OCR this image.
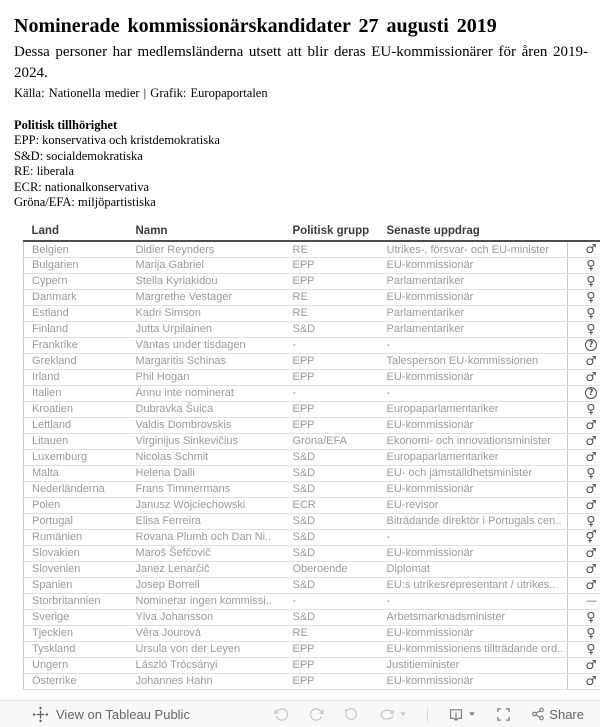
Nominerade kommissionärskandidater 27 augusti 2019

Dessa personer har medlemsländerna utsett att blir deras EU-kommissionärer för åren 2019-2024.

Källa: Nationella medier | Grafik: Europaportalen

Politisk tillhörighet
EPP: konservativa och kristdemokratiska
S&D: socialdemokratiska
RE: liberala
ECR: nationalkonservativa
Gröna/EFA: miljöpartistiska
Land	Namn	Politisk grupp	Senaste uppdrag	
Belgien	Didier Reynders	RE	Utrikes-, försvar- och EU-minister	♂
Bulgarien	Marija Gabriel	EPP	EU-kommissionär	♀
Cypern	Stella Kyriakidou	EPP	Parlamentariker	♀
Danmark	Margrethe Vestager	RE	EU-kommissionär	♀
Estland	Kadri Simson	RE	Parlamentariker	♀
Finland	Jutta Urpilainen	S&D	Parlamentariker	♀
Frankrike	Väntas under tisdagen	-	-	?
Grekland	Margaritis Schinas	EPP	Talesperson EU-kommissionen	♂
Irland	Phil Hogan	EPP	EU-kommissionär	♂
Italien	Ännu inte nominerat	-	-	?
Kroatien	Dubravka Šuica	EPP	Europaparlamentariker	♀
Lettland	Valdis Dombrovskis	EPP	EU-kommissionär	♂
Litauen	Virginijus Sinkevičius	Gröna/EFA	Ekonomi- och innovationsminister	♂
Luxemburg	Nicolas Schmit	S&D	Europaparlamentariker	♂
Malta	Helena Dalli	S&D	EU- och jämställdhetsminister	♀
Nederländerna	Frans Timmermans	S&D	EU-kommissionär	♂
Polen	Janusz Wojciechowski	ECR	EU-revisor	♂
Portugal	Elisa Ferreira	S&D	Biträdande direktör i Portugals cen..	♀
Rumänien	Rovana Plumb och Dan Ni..	S&D	-	⚥
Slovakien	Maroš Šefčovič	S&D	EU-kommissionär	♂
Slovenien	Janez Lenarčič	Oberoende	Diplomat	♂
Spanien	Josep Borrell	S&D	EU:s utrikesrepresentant / utrikes..	♂
Storbritannien	Nominerar ingen kommissi..	-	-	—
Sverige	Ylva Johansson	S&D	Arbetsmarknadsminister	♀
Tjeckien	Věra Jourová	RE	EU-kommissionär	♀
Tyskland	Ursula von der Leyen	EPP	EU-kommissionens tillträdande ord..	♀
Ungern	László Trócsányi	EPP	Justitieminister	♂
Österrike	Johannes Hahn	EPP	EU-kommissionär	♂
View on Tableau Public	Share
